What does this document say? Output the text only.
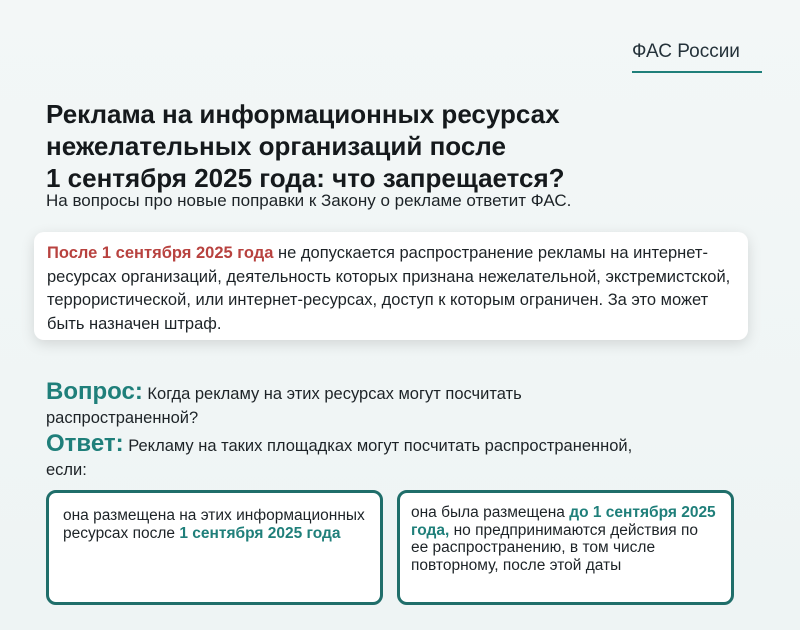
ФАС России
Реклама на информационных ресурсах
нежелательных организаций после
1 сентября 2025 года: что запрещается?

На вопросы про новые поправки к Закону о рекламе ответит ФАС.

После 1 сентября 2025 года не допускается распространение рекламы на интернет-ресурсах организаций, деятельность которых признана нежелательной, экстремистской, террористической, или интернет-ресурсах, доступ к которым ограничен. За это может быть назначен штраф.
Вопрос: Когда рекламу на этих ресурсах могут посчитать распространенной?
Ответ: Рекламу на таких площадках могут посчитать распространенной, если:
она размещена на этих информационных ресурсах после 1 сентября 2025 года
она была размещена до 1 сентября 2025 года, но предпринимаются действия по ее распространению, в том числе повторному, после этой даты
